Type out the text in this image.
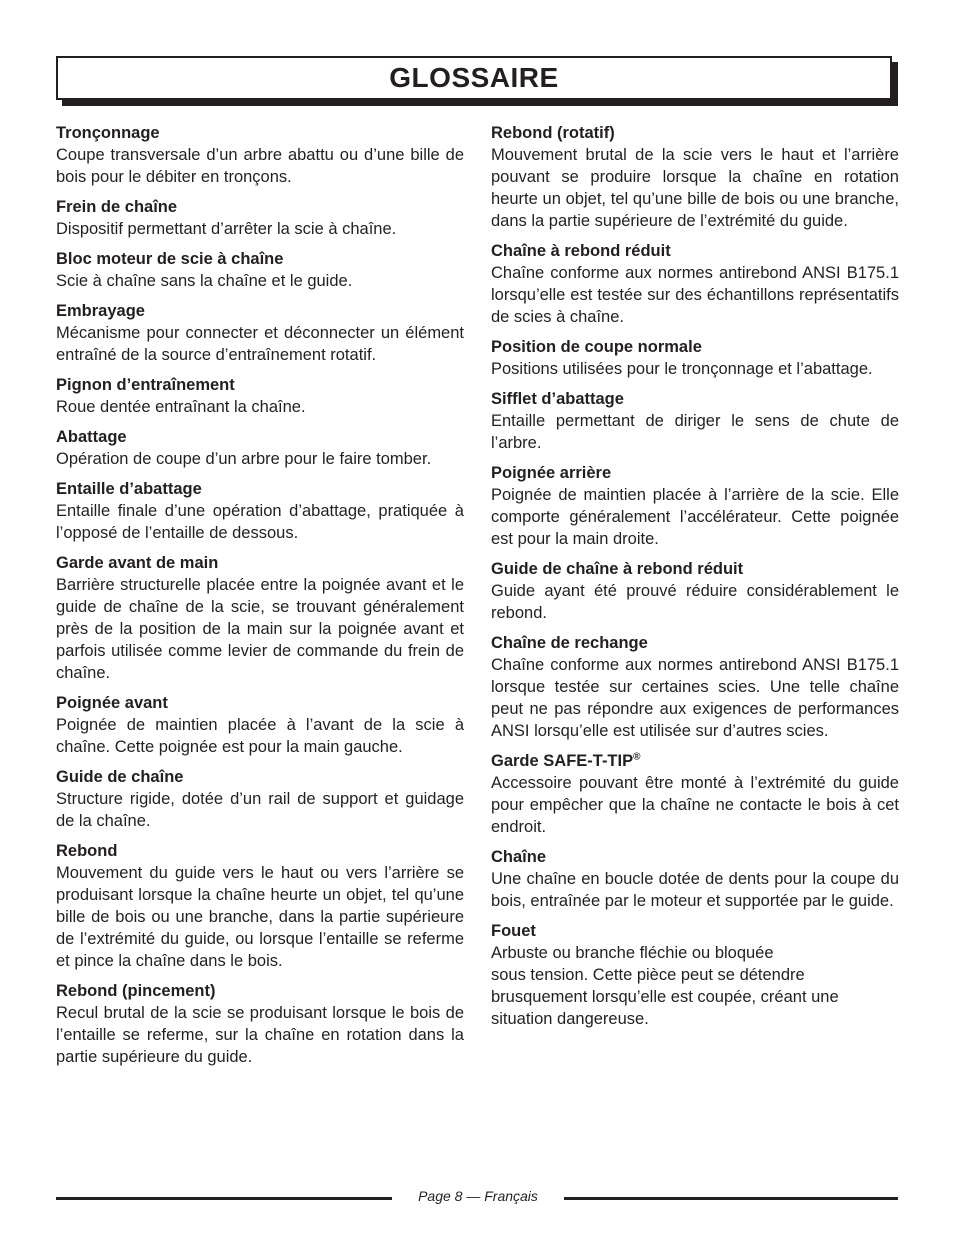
GLOSSAIRE

Tronçonnage

Coupe transversale d’un arbre abattu ou d’une bille de bois pour le débiter en tronçons.

Frein de chaîne

Dispositif permettant d’arrêter la scie à chaîne.

Bloc moteur de scie à chaîne

Scie à chaîne sans la chaîne et le guide.

Embrayage

Mécanisme pour connecter et déconnecter un élément entraîné de la source d’entraînement rotatif.

Pignon d’entraînement

Roue dentée entraînant la chaîne.

Abattage

Opération de coupe d’un arbre pour le faire tomber.

Entaille d’abattage

Entaille finale d’une opération d’abattage, pratiquée à l’opposé de l’entaille de dessous.

Garde avant de main

Barrière structurelle placée entre la poignée avant et le guide de chaîne de la scie, se trouvant généralement près de la position de la main sur la poignée avant et parfois utilisée comme levier de commande du frein de chaîne.

Poignée avant

Poignée de maintien placée à l’avant de la scie à chaîne. Cette poignée est pour la main gauche.

Guide de chaîne

Structure rigide, dotée d’un rail de support et guidage de la chaîne.

Rebond

Mouvement du guide vers le haut ou vers l’arrière se produisant lorsque la chaîne heurte un objet, tel qu’une bille de bois ou une branche, dans la partie supérieure de l’extrémité du guide, ou lorsque l’entaille se referme et pince la chaîne dans le bois.

Rebond (pincement)

Recul brutal de la scie se produisant lorsque le bois de l’entaille se referme, sur la chaîne en rotation dans la partie supérieure du guide.

Rebond (rotatif)

Mouvement brutal de la scie vers le haut et l’arrière pouvant se produire lorsque la chaîne en rotation heurte un objet, tel qu’une bille de bois ou une branche, dans la partie supérieure de l’extrémité du guide.

Chaîne à rebond réduit

Chaîne conforme aux normes antirebond ANSI B175.1 lorsqu’elle est testée sur des échantillons représentatifs de scies à chaîne.

Position de coupe normale

Positions utilisées pour le tronçonnage et l’abattage.

Sifflet d’abattage

Entaille permettant de diriger le sens de chute de l’arbre.

Poignée arrière

Poignée de maintien placée à l’arrière de la scie. Elle comporte généralement l’accélérateur. Cette poignée est pour la main droite.

Guide de chaîne à rebond réduit

Guide ayant été prouvé réduire considérablement le rebond.

Chaîne de rechange

Chaîne conforme aux normes antirebond ANSI B175.1 lorsque testée sur certaines scies. Une telle chaîne peut ne pas répondre aux exigences de performances ANSI lorsqu’elle est utilisée sur d’autres scies.

Garde SAFE-T-TIP®

Accessoire pouvant être monté à l’extrémité du guide pour empêcher que la chaîne ne contacte le bois à cet endroit.

Chaîne

Une chaîne en boucle dotée de dents pour la coupe du bois, entraînée par le moteur et supportée par le guide.

Fouet

Arbuste ou branche fléchie ou bloquée
sous tension. Cette pièce peut se détendre
brusquement lorsqu’elle est coupée, créant une
situation dangereuse.

Page 8 — Français
